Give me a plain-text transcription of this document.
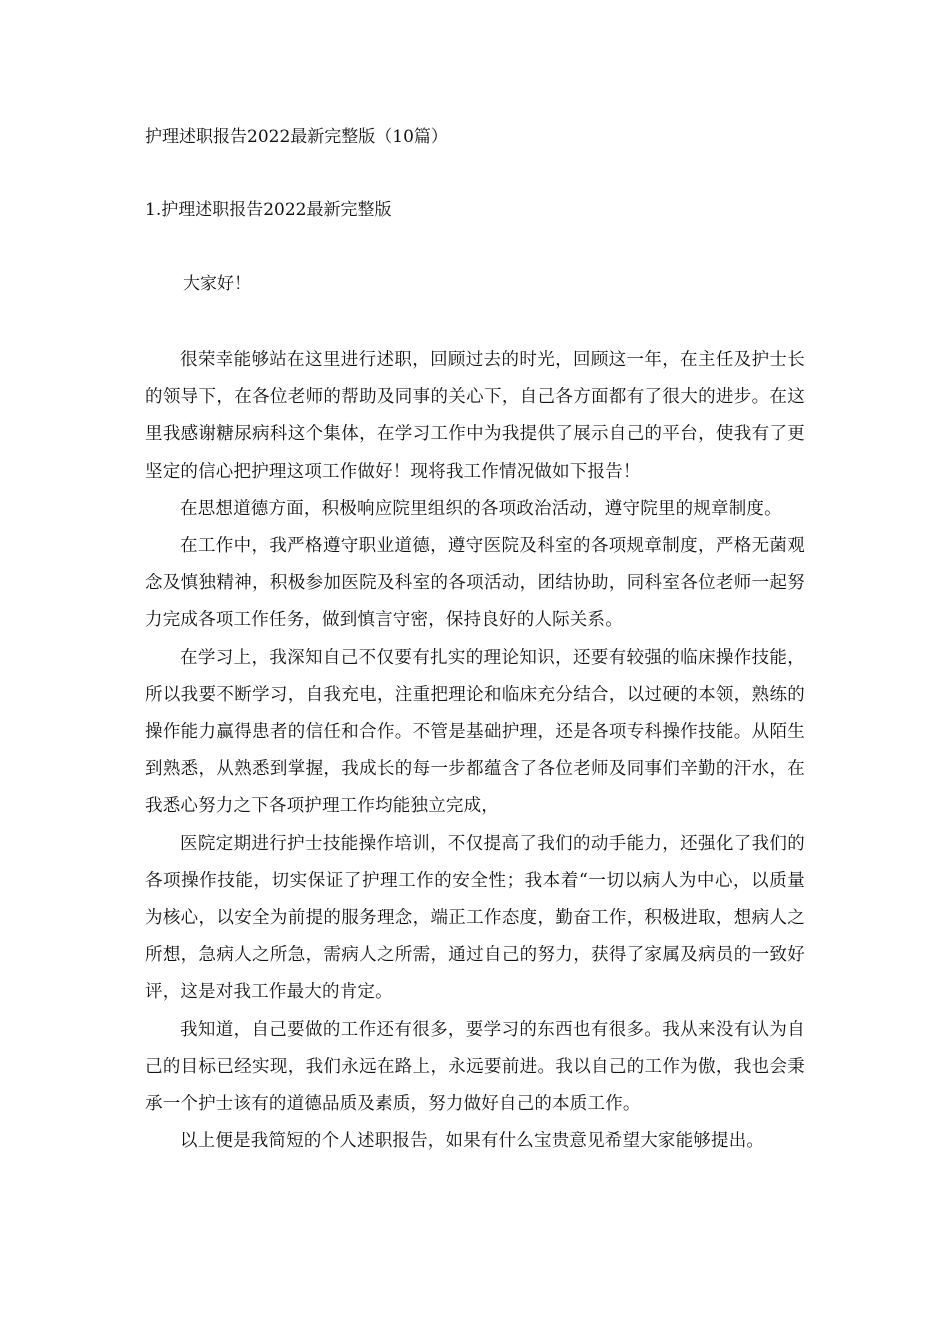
护理述职报告2022最新完整版（10篇）
1.护理述职报告2022最新完整版
大家好！

很荣幸能够站在这里进行述职，回顾过去的时光，回顾这一年，在主任及护士长的领导下，在各位老师的帮助及同事的关心下，自己各方面都有了很大的进步。在这里我感谢糖尿病科这个集体，在学习工作中为我提供了展示自己的平台，使我有了更坚定的信心把护理这项工作做好！现将我工作情况做如下报告！

在思想道德方面，积极响应院里组织的各项政治活动，遵守院里的规章制度。

在工作中，我严格遵守职业道德，遵守医院及科室的各项规章制度，严格无菌观念及慎独精神，积极参加医院及科室的各项活动，团结协助，同科室各位老师一起努力完成各项工作任务，做到慎言守密，保持良好的人际关系。

在学习上，我深知自己不仅要有扎实的理论知识，还要有较强的临床操作技能，所以我要不断学习，自我充电，注重把理论和临床充分结合，以过硬的本领，熟练的操作能力赢得患者的信任和合作。不管是基础护理，还是各项专科操作技能。从陌生到熟悉，从熟悉到掌握，我成长的每一步都蕴含了各位老师及同事们辛勤的汗水，在我悉心努力之下各项护理工作均能独立完成，

医院定期进行护士技能操作培训，不仅提高了我们的动手能力，还强化了我们的各项操作技能，切实保证了护理工作的安全性；我本着“一切以病人为中心，以质量为核心，以安全为前提的服务理念，端正工作态度，勤奋工作，积极进取，想病人之所想，急病人之所急，需病人之所需，通过自己的努力，获得了家属及病员的一致好评，这是对我工作最大的肯定。

我知道，自己要做的工作还有很多，要学习的东西也有很多。我从来没有认为自己的目标已经实现，我们永远在路上，永远要前进。我以自己的工作为傲，我也会秉承一个护士该有的道德品质及素质，努力做好自己的本质工作。

以上便是我简短的个人述职报告，如果有什么宝贵意见希望大家能够提出。
